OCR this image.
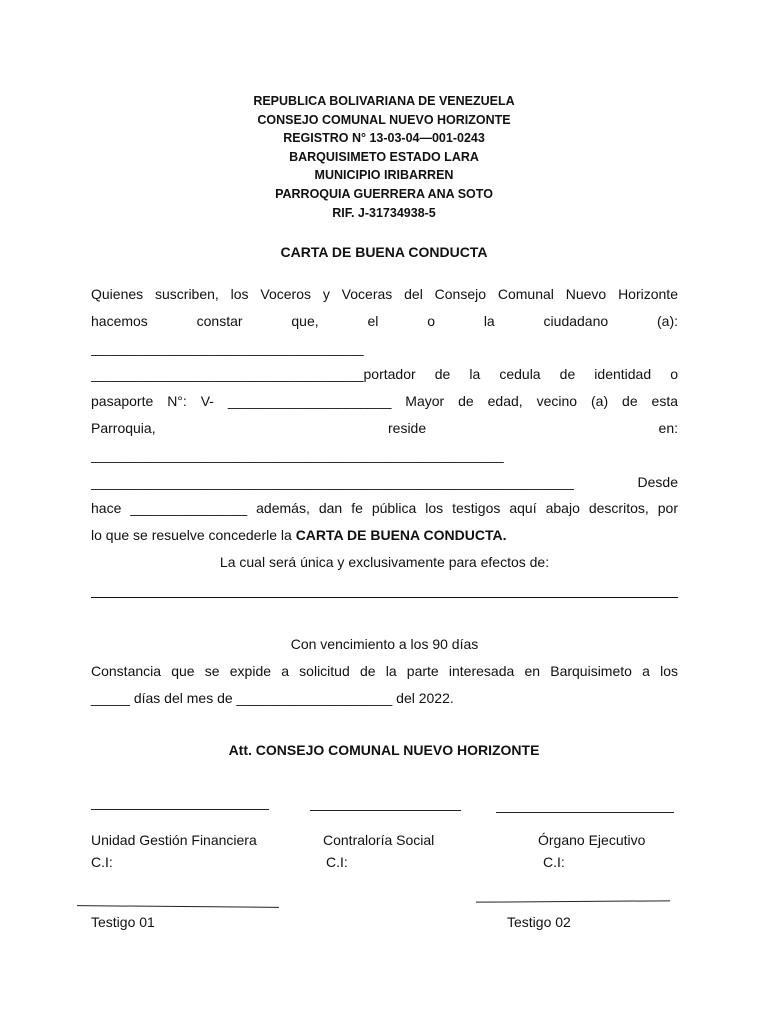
REPUBLICA BOLIVARIANA DE VENEZUELA
CONSEJO COMUNAL NUEVO HORIZONTE
REGISTRO N° 13-03-04—001-0243
BARQUISIMETO ESTADO LARA
MUNICIPIO IRIBARREN
PARROQUIA GUERRERA ANA SOTO
RIF. J-31734938-5
CARTA DE BUENA CONDUCTA
Quienes suscriben, los Voceros y Voceras del Consejo Comunal Nuevo Horizonte
hacemos constar que, el o la ciudadano (a):
___________________________________
___________________________________ portador de la cedula de identidad o
pasaporte N°: V- _____________________ Mayor de edad, vecino (a) de esta
Parroquia, reside en:
_____________________________________________________
______________________________________________________________	Desde
hace _______________ además, dan fe pública los testigos aquí abajo descritos, por
lo que se resuelve concederle la CARTA DE BUENA CONDUCTA.
La cual será única y exclusivamente para efectos de:
Con vencimiento a los 90 días
Constancia que se expide a solicitud de la parte interesada en Barquisimeto a los
_____ días del mes de ____________________ del 2022.
Att. CONSEJO COMUNAL NUEVO HORIZONTE
Unidad Gestión Financiera
C.I:
Contraloría Social
C.I:
Órgano Ejecutivo
C.I:
Testigo 01	Testigo 02
